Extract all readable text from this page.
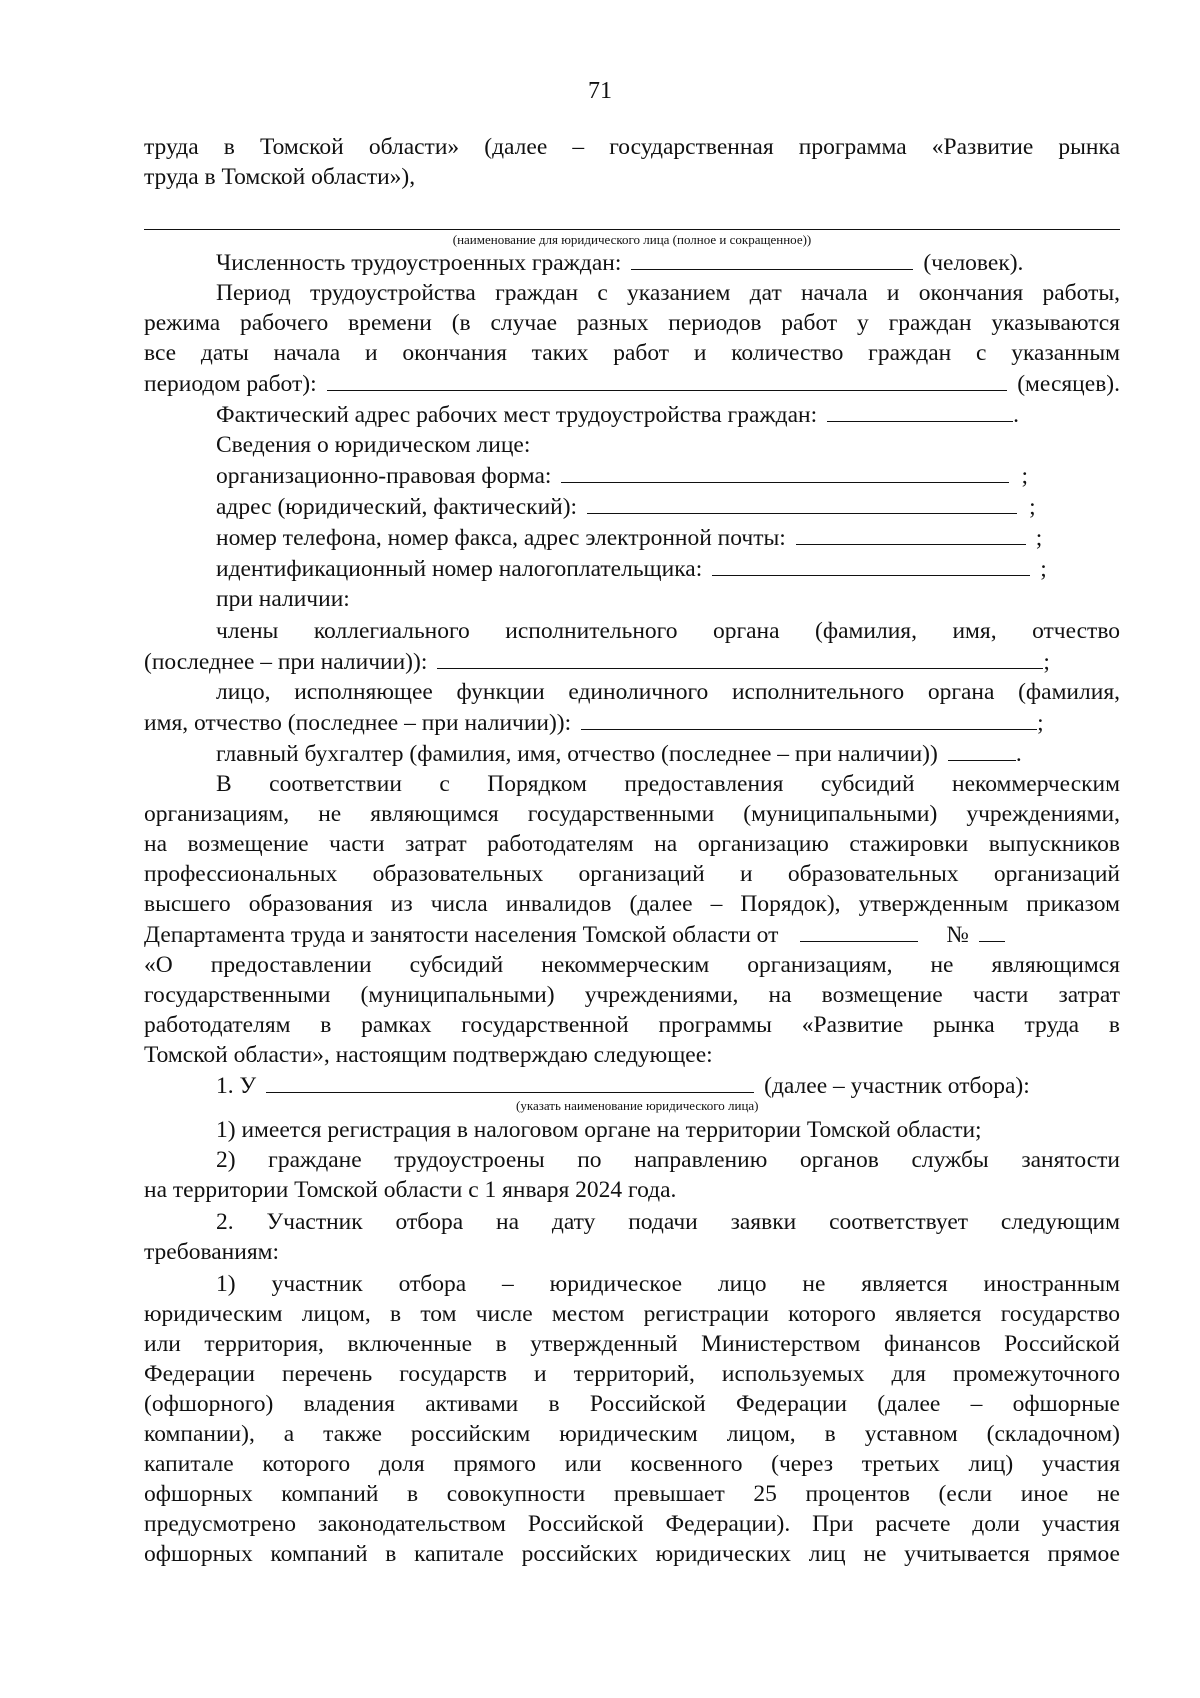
71

труда в Томской области» (далее – государственная программа «Развитие рынка

труда в Томской области»),

(наименование для юридического лица (полное и сокращенное))

Численность трудоустроенных граждан:	(человек).

Период трудоустройства граждан с указанием дат начала и окончания работы,

режима рабочего времени (в случае разных периодов работ у граждан указываются

все даты начала и окончания таких работ и количество граждан с указанным

периодом работ):	(месяцев).
Фактический адрес рабочих мест трудоустройства граждан:	.

Сведения о юридическом лице:

организационно-правовая форма:	;
адрес (юридический, фактический):	;
номер телефона, номер факса, адрес электронной почты:	;
идентификационный номер налогоплательщика:	;

при наличии:

члены коллегиального исполнительного органа (фамилия, имя, отчество

(последнее – при наличии)):	;

лицо, исполняющее функции единоличного исполнительного органа (фамилия,

имя, отчество (последнее – при наличии)):	;
главный бухгалтер (фамилия, имя, отчество (последнее – при наличии))	.

В соответствии с Порядком предоставления субсидий некоммерческим

организациям, не являющимся государственными (муниципальными) учреждениями,

на возмещение части затрат работодателям на организацию стажировки выпускников

профессиональных образовательных организаций и образовательных организаций

высшего образования из числа инвалидов (далее – Порядок), утвержденным приказом

Департамента труда и занятости населения Томской области от	№

«О предоставлении субсидий некоммерческим организациям, не являющимся

государственными (муниципальными) учреждениями, на возмещение части затрат

работодателям в рамках государственной программы «Развитие рынка труда в

Томской области», настоящим подтверждаю следующее:

1. У	(далее – участник отбора):

(указать наименование юридического лица)

1) имеется регистрация в налоговом органе на территории Томской области;

2) граждане трудоустроены по направлению органов службы занятости

на территории Томской области с 1 января 2024 года.

2. Участник отбора на дату подачи заявки соответствует следующим

требованиям:

1) участник отбора – юридическое лицо не является иностранным

юридическим лицом, в том числе местом регистрации которого является государство

или территория, включенные в утвержденный Министерством финансов Российской

Федерации перечень государств и территорий, используемых для промежуточного

(офшорного) владения активами в Российской Федерации (далее – офшорные

компании), а также российским юридическим лицом, в уставном (складочном)

капитале которого доля прямого или косвенного (через третьих лиц) участия

офшорных компаний в совокупности превышает 25 процентов (если иное не

предусмотрено законодательством Российской Федерации). При расчете доли участия

офшорных компаний в капитале российских юридических лиц не учитывается прямое
